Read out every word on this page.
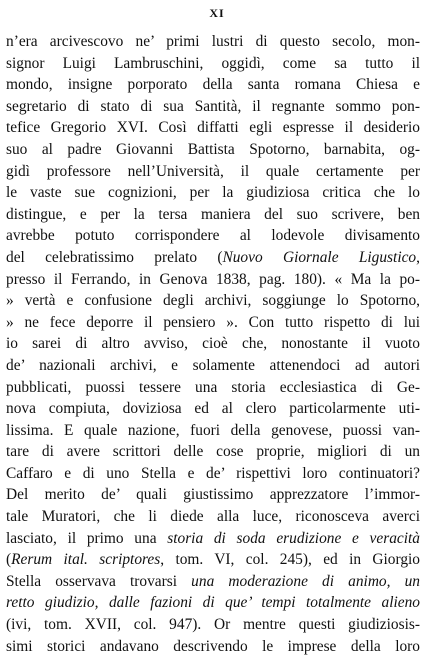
XI
n’era arcivescovo ne’ primi lustri di questo secolo, mon-
signor Luigi Lambruschini, oggidì, come sa tutto il
mondo, insigne porporato della santa romana Chiesa e
segretario di stato di sua Santità, il regnante sommo pon-
tefice Gregorio XVI. Così diffatti egli espresse il desiderio
suo al padre Giovanni Battista Spotorno, barnabita, og-
gidì professore nell’Università, il quale certamente per
le vaste sue cognizioni, per la giudiziosa critica che lo
distingue, e per la tersa maniera del suo scrivere, ben
avrebbe potuto corrispondere al lodevole divisamento
del celebratissimo prelato (Nuovo Giornale Ligustico,
presso il Ferrando, in Genova 1838, pag. 180). « Ma la po-
» vertà e confusione degli archivi, soggiunge lo Spotorno,
» ne fece deporre il pensiero ». Con tutto rispetto di lui
io sarei di altro avviso, cioè che, nonostante il vuoto
de’ nazionali archivi, e solamente attenendoci ad autori
pubblicati, puossi tessere una storia ecclesiastica di Ge-
nova compiuta, doviziosa ed al clero particolarmente uti-
lissima. E quale nazione, fuori della genovese, puossi van-
tare di avere scrittori delle cose proprie, migliori di un
Caffaro e di uno Stella e de’ rispettivi loro continuatori?
Del merito de’ quali giustissimo apprezzatore l’immor-
tale Muratori, che li diede alla luce, riconosceva averci
lasciato, il primo una storia di soda erudizione e veracità
(Rerum ital. scriptores, tom. VI, col. 245), ed in Giorgio
Stella osservava trovarsi una moderazione di animo, un
retto giudizio, dalle fazioni di que’ tempi totalmente alieno
(ivi, tom. XVII, col. 947). Or mentre questi giudiziosis-
simi storici andavano descrivendo le imprese della loro
